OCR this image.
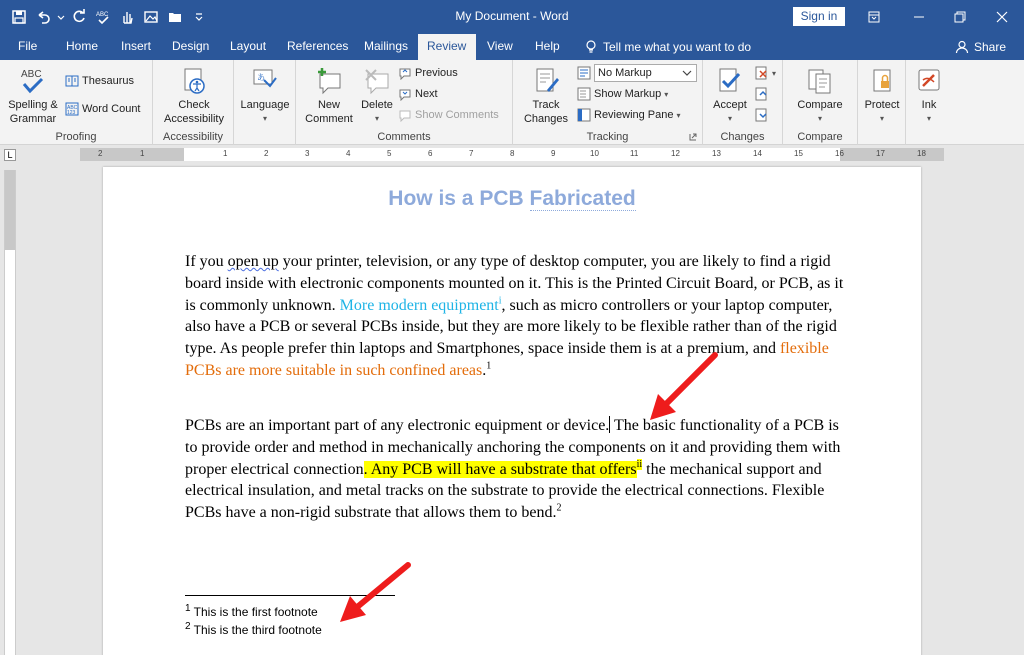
ABC	My Document - Word	Sign in
File	Home	Insert	Design	Layout	References	Mailings	Review	View	Help	Tell me what you want to do	Share
ABC
Spelling &
Grammar
Thesaurus
ABC
123 Word Count
Proofing
Check
Accessibility
Accessibility
あ
Language
▾
New
Comment
Delete
▾
Previous
Next
Show Comments
Comments
Track
Changes
No Markup
Show Markup ▾
Reviewing Pane ▾
Tracking
Accept
▾
▾
Changes
Compare
▾
Compare
Protect
▾
Ink
▾
L	2	1	1	2	3	4	5	6	7	8	9	10	11	12	13	14	15	16	17	18
How is a PCB Fabricated
If you open up your printer, television, or any type of desktop computer, you are likely to find a rigid board inside with electronic components mounted on it. This is the Printed Circuit Board, or PCB, as it is commonly unknown. More modern equipment$^i$, such as micro controllers or your laptop computer, also have a PCB or several PCBs inside, but they are more likely to be flexible rather than of the rigid type. As people prefer thin laptops and Smartphones, space inside them is at a premium, and flexible PCBs are more suitable in such confined areas.$^1$
PCBs are an important part of any electronic equipment or device. The basic functionality of a PCB is to provide order and method in mechanically anchoring the components on it and providing them with proper electrical connection. Any PCB will have a substrate that offers$^{ii}$ the mechanical support and electrical insulation, and metal tracks on the substrate to provide the electrical connections. Flexible PCBs have a non-rigid substrate that allows them to bend.$^2$
$^1$ This is the first footnote
$^2$ This is the third footnote
